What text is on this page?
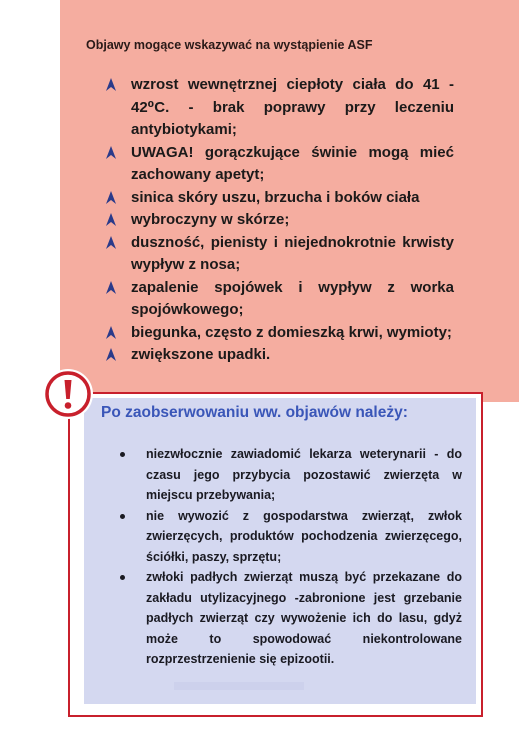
Objawy mogące wskazywać na wystąpienie ASF
wzrost wewnętrznej ciepłoty ciała do 41 - 42⁰C. - brak poprawy przy leczeniu antybiotykami;
UWAGA! gorączkujące świnie mogą mieć zachowany apetyt;
sinica skóry uszu, brzucha i boków ciała
wybroczyny w skórze;
duszność, pienisty i niejednokrotnie krwisty wypływ z nosa;
zapalenie spojówek i wypływ z worka spojówkowego;
biegunka, często z domieszką krwi, wymioty;
zwiększone upadki.
Po zaobserwowaniu ww. objawów należy:
niezwłocznie zawiadomić lekarza weterynarii - do czasu jego przybycia pozostawić zwierzęta w miejscu przebywania;
nie wywozić z gospodarstwa zwierząt, zwłok zwierzęcych, produktów pochodzenia zwierzęcego, ściółki, paszy, sprzętu;
zwłoki padłych zwierząt muszą być przekazane do zakładu utylizacyjnego -zabronione jest grzebanie padłych zwierząt czy wywożenie ich do lasu, gdyż może to spowodować niekontrolowane rozprzestrzenienie się epizootii.
